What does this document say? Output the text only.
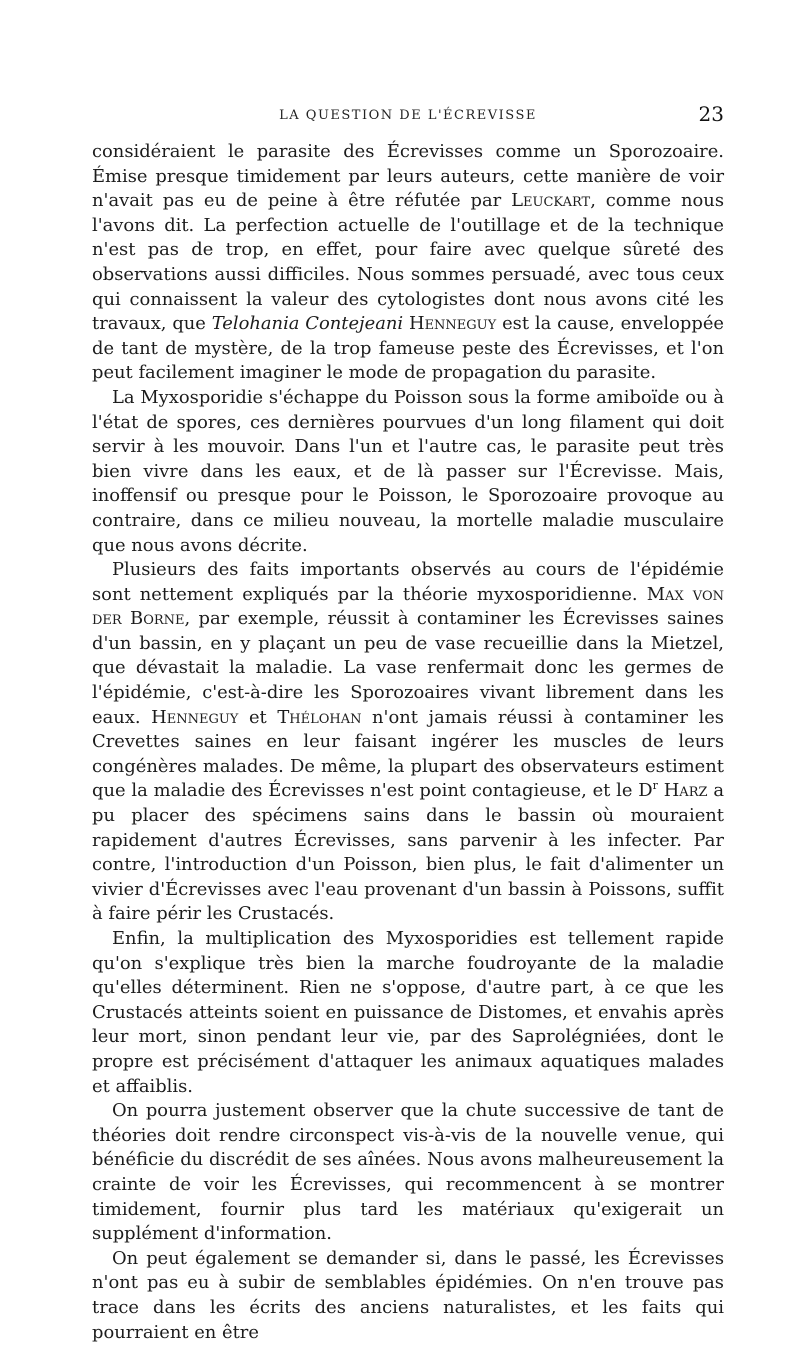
LA QUESTION DE L'ÉCREVISSE	23

considéraient le parasite des Écrevisses comme un Sporozoaire. Émise presque timidement par leurs auteurs, cette manière de voir n'avait pas eu de peine à être réfutée par Leuckart, comme nous l'avons dit. La perfection actuelle de l'outillage et de la technique n'est pas de trop, en effet, pour faire avec quelque sûreté des observations aussi difficiles. Nous sommes persuadé, avec tous ceux qui connaissent la valeur des cytologistes dont nous avons cité les travaux, que Telohania Contejeani Henneguy est la cause, enveloppée de tant de mystère, de la trop fameuse peste des Écrevisses, et l'on peut facilement imaginer le mode de propagation du parasite.

La Myxosporidie s'échappe du Poisson sous la forme amiboïde ou à l'état de spores, ces dernières pourvues d'un long filament qui doit servir à les mouvoir. Dans l'un et l'autre cas, le parasite peut très bien vivre dans les eaux, et de là passer sur l'Écrevisse. Mais, inoffensif ou presque pour le Poisson, le Sporozoaire provoque au contraire, dans ce milieu nouveau, la mortelle maladie musculaire que nous avons décrite.

Plusieurs des faits importants observés au cours de l'épidémie sont nettement expliqués par la théorie myxosporidienne. Max von der Borne, par exemple, réussit à contaminer les Écrevisses saines d'un bassin, en y plaçant un peu de vase recueillie dans la Mietzel, que dévastait la maladie. La vase renfermait donc les germes de l'épidémie, c'est-à-dire les Sporozoaires vivant librement dans les eaux. Henneguy et Thélohan n'ont jamais réussi à contaminer les Crevettes saines en leur faisant ingérer les muscles de leurs congénères malades. De même, la plupart des observateurs estiment que la maladie des Écrevisses n'est point contagieuse, et le $D^r$ Harz a pu placer des spécimens sains dans le bassin où mouraient rapidement d'autres Écrevisses, sans parvenir à les infecter. Par contre, l'introduction d'un Poisson, bien plus, le fait d'alimenter un vivier d'Écrevisses avec l'eau provenant d'un bassin à Poissons, suffit à faire périr les Crustacés.

Enfin, la multiplication des Myxosporidies est tellement rapide qu'on s'explique très bien la marche foudroyante de la maladie qu'elles déterminent. Rien ne s'oppose, d'autre part, à ce que les Crustacés atteints soient en puissance de Distomes, et envahis après leur mort, sinon pendant leur vie, par des Saprolégniées, dont le propre est précisément d'attaquer les animaux aquatiques malades et affaiblis.

On pourra justement observer que la chute successive de tant de théories doit rendre circonspect vis-à-vis de la nouvelle venue, qui bénéficie du discrédit de ses aînées. Nous avons malheureusement la crainte de voir les Écrevisses, qui recommencent à se montrer timidement, fournir plus tard les matériaux qu'exigerait un supplément d'information.

On peut également se demander si, dans le passé, les Écrevisses n'ont pas eu à subir de semblables épidémies. On n'en trouve pas trace dans les écrits des anciens naturalistes, et les faits qui pourraient en être
